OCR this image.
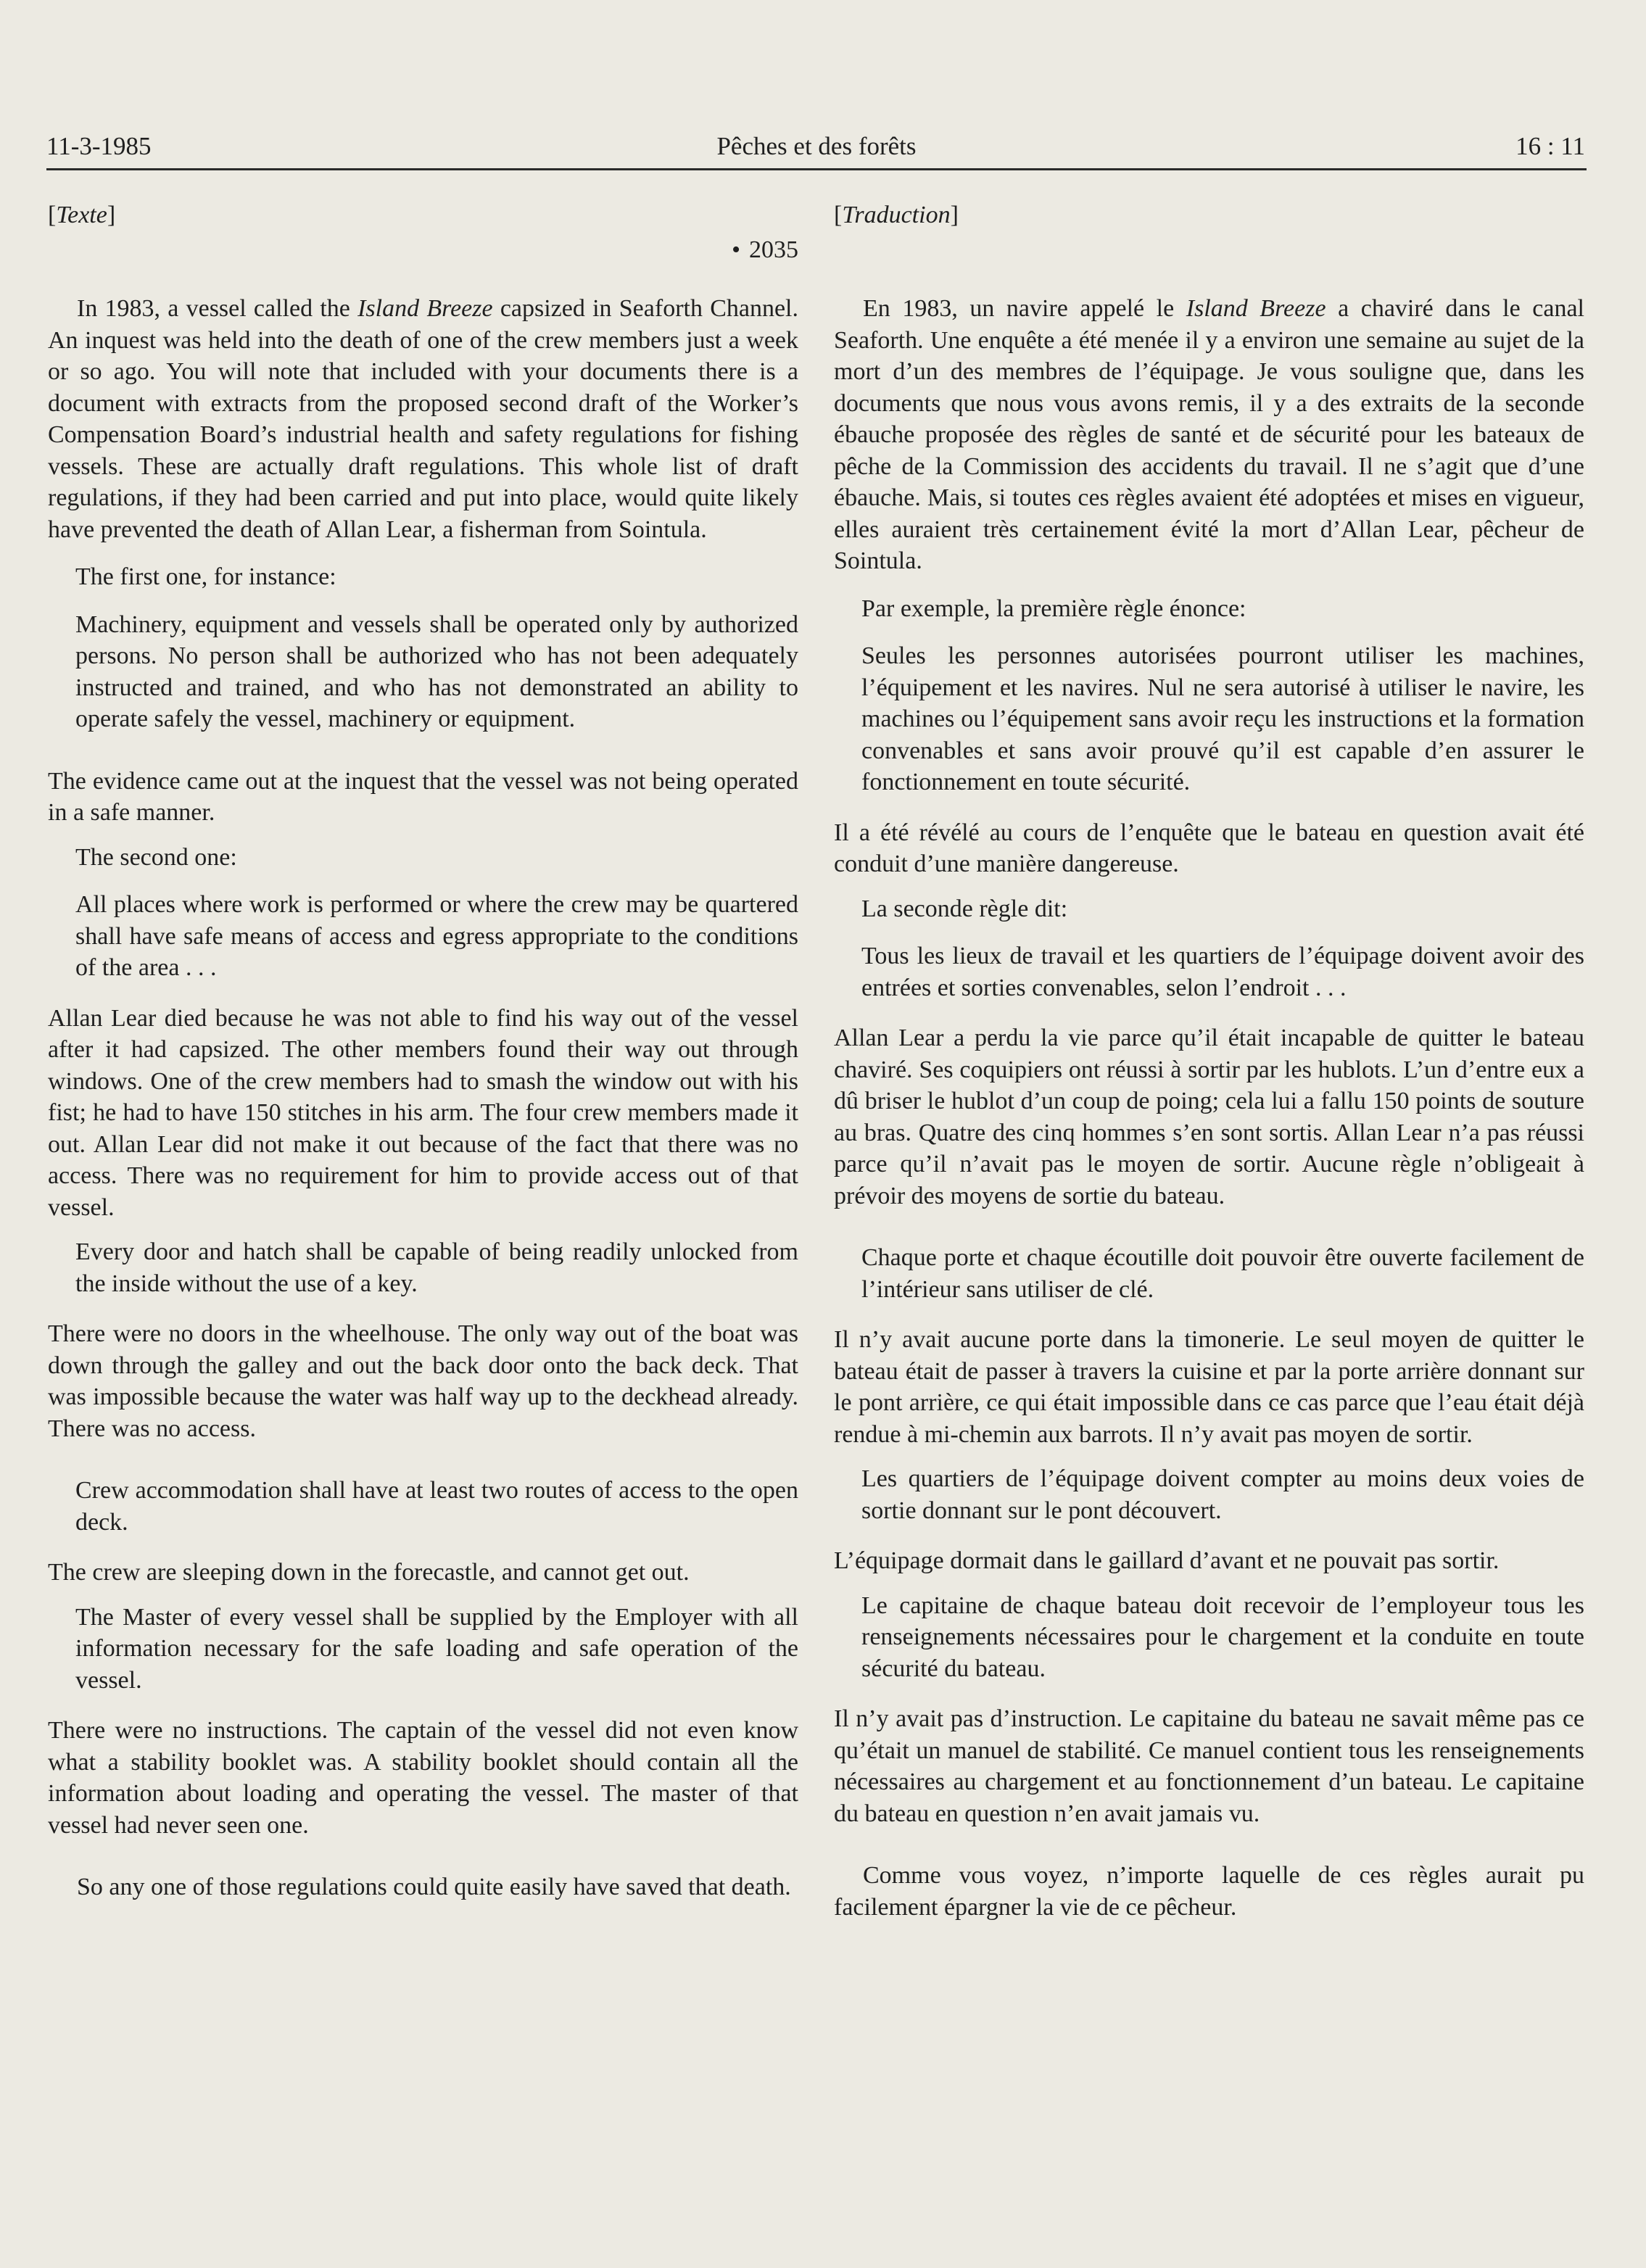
11-3-1985	Pêches et des forêts	16 : 11

[Texte]

• 2035

In 1983, a vessel called the Island Breeze capsized in Seaforth Channel. An inquest was held into the death of one of the crew members just a week or so ago. You will note that included with your documents there is a document with extracts from the proposed second draft of the Worker’s Compensation Board’s industrial health and safety regulations for fishing vessels. These are actually draft regulations. This whole list of draft regulations, if they had been carried and put into place, would quite likely have prevented the death of Allan Lear, a fisherman from Sointula.

The first one, for instance:

Machinery, equipment and vessels shall be operated only by authorized persons. No person shall be authorized who has not been adequately instructed and trained, and who has not demonstrated an ability to operate safely the vessel, machinery or equipment.

The evidence came out at the inquest that the vessel was not being operated in a safe manner.

The second one:

All places where work is performed or where the crew may be quartered shall have safe means of access and egress appropriate to the conditions of the area . . .

Allan Lear died because he was not able to find his way out of the vessel after it had capsized. The other members found their way out through windows. One of the crew members had to smash the window out with his fist; he had to have 150 stitches in his arm. The four crew members made it out. Allan Lear did not make it out because of the fact that there was no access. There was no requirement for him to provide access out of that vessel.

Every door and hatch shall be capable of being readily unlocked from the inside without the use of a key.

There were no doors in the wheelhouse. The only way out of the boat was down through the galley and out the back door onto the back deck. That was impossible because the water was half way up to the deckhead already. There was no access.

Crew accommodation shall have at least two routes of access to the open deck.

The crew are sleeping down in the forecastle, and cannot get out.

The Master of every vessel shall be supplied by the Employer with all information necessary for the safe loading and safe operation of the vessel.

There were no instructions. The captain of the vessel did not even know what a stability booklet was. A stability booklet should contain all the information about loading and operating the vessel. The master of that vessel had never seen one.

So any one of those regulations could quite easily have saved that death.

[Traduction]

En 1983, un navire appelé le Island Breeze a chaviré dans le canal Seaforth. Une enquête a été menée il y a environ une semaine au sujet de la mort d’un des membres de l’équipage. Je vous souligne que, dans les documents que nous vous avons remis, il y a des extraits de la seconde ébauche proposée des règles de santé et de sécurité pour les bateaux de pêche de la Commission des accidents du travail. Il ne s’agit que d’une ébauche. Mais, si toutes ces règles avaient été adoptées et mises en vigueur, elles auraient très certainement évité la mort d’Allan Lear, pêcheur de Sointula.

Par exemple, la première règle énonce:

Seules les personnes autorisées pourront utiliser les machines, l’équipement et les navires. Nul ne sera autorisé à utiliser le navire, les machines ou l’équipement sans avoir reçu les instructions et la formation convenables et sans avoir prouvé qu’il est capable d’en assurer le fonctionnement en toute sécurité.

Il a été révélé au cours de l’enquête que le bateau en question avait été conduit d’une manière dangereuse.

La seconde règle dit:

Tous les lieux de travail et les quartiers de l’équipage doivent avoir des entrées et sorties convenables, selon l’endroit . . .

Allan Lear a perdu la vie parce qu’il était incapable de quitter le bateau chaviré. Ses coquipiers ont réussi à sortir par les hublots. L’un d’entre eux a dû briser le hublot d’un coup de poing; cela lui a fallu 150 points de souture au bras. Quatre des cinq hommes s’en sont sortis. Allan Lear n’a pas réussi parce qu’il n’avait pas le moyen de sortir. Aucune règle n’obligeait à prévoir des moyens de sortie du bateau.

Chaque porte et chaque écoutille doit pouvoir être ouverte facilement de l’intérieur sans utiliser de clé.

Il n’y avait aucune porte dans la timonerie. Le seul moyen de quitter le bateau était de passer à travers la cuisine et par la porte arrière donnant sur le pont arrière, ce qui était impossible dans ce cas parce que l’eau était déjà rendue à mi-chemin aux barrots. Il n’y avait pas moyen de sortir.

Les quartiers de l’équipage doivent compter au moins deux voies de sortie donnant sur le pont découvert.

L’équipage dormait dans le gaillard d’avant et ne pouvait pas sortir.

Le capitaine de chaque bateau doit recevoir de l’employeur tous les renseignements nécessaires pour le chargement et la conduite en toute sécurité du bateau.

Il n’y avait pas d’instruction. Le capitaine du bateau ne savait même pas ce qu’était un manuel de stabilité. Ce manuel contient tous les renseignements nécessaires au chargement et au fonctionnement d’un bateau. Le capitaine du bateau en question n’en avait jamais vu.

Comme vous voyez, n’importe laquelle de ces règles aurait pu facilement épargner la vie de ce pêcheur.
